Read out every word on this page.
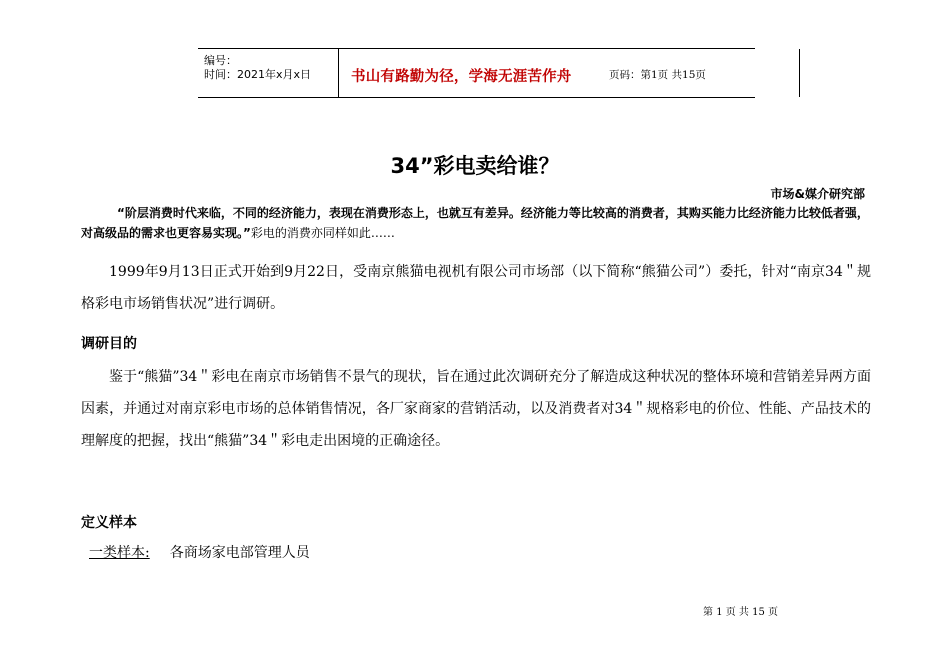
编号：
时间：2021年x月x日	书山有路勤为径，学海无涯苦作舟	页码：第1页 共15页
34”彩电卖给谁？
市场&媒介研究部
“阶层消费时代来临，不同的经济能力，表现在消费形态上，也就互有差异。经济能力等比较高的消费者，其购买能力比经济能力比较低者强，对高级品的需求也更容易实现。”彩电的消费亦同样如此……
1999年9月13日正式开始到9月22日，受南京熊猫电视机有限公司市场部（以下简称“熊猫公司”）委托，针对“南京34＂规格彩电市场销售状况”进行调研。
调研目的
鉴于“熊猫”34＂彩电在南京市场销售不景气的现状，旨在通过此次调研充分了解造成这种状况的整体环境和营销差异两方面因素，并通过对南京彩电市场的总体销售情况，各厂家商家的营销活动，以及消费者对34＂规格彩电的价位、性能、产品技术的理解度的把握，找出“熊猫”34＂彩电走出困境的正确途径。
定义样本
一类样本: 各商场家电部管理人员
第 1 页 共 15 页
